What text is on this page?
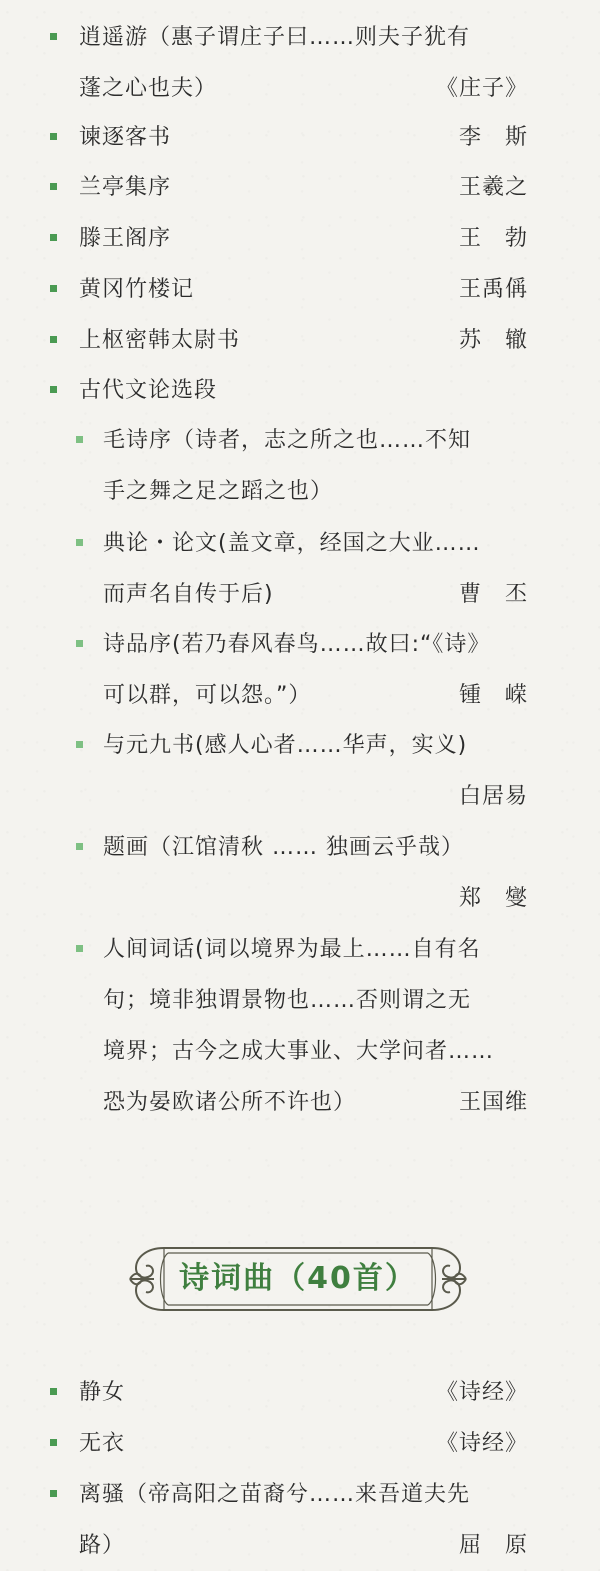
逍遥游（惠子谓庄子曰……则夫子犹有
蓬之心也夫）	《庄子》
谏逐客书	李　斯
兰亭集序	王羲之
滕王阁序	王　勃
黄冈竹楼记	王禹偁
上枢密韩太尉书	苏　辙
古代文论选段
毛诗序（诗者，志之所之也……不知
手之舞之足之蹈之也）
典论・论文(盖文章，经国之大业……
而声名自传于后)	曹　丕
诗品序(若乃春风春鸟……故曰:“《诗》
可以群，可以怨。”）	锺　嵘
与元九书(感人心者……华声，实义)
白居易
题画（江馆清秋 …… 独画云乎哉）
郑　燮
人间词话(词以境界为最上……自有名
句；境非独谓景物也……否则谓之无
境界；古今之成大事业、大学问者……
恐为晏欧诸公所不许也）	王国维
诗词曲（40首）
静女	《诗经》
无衣	《诗经》
离骚（帝高阳之苗裔兮……来吾道夫先
路）	屈　原
